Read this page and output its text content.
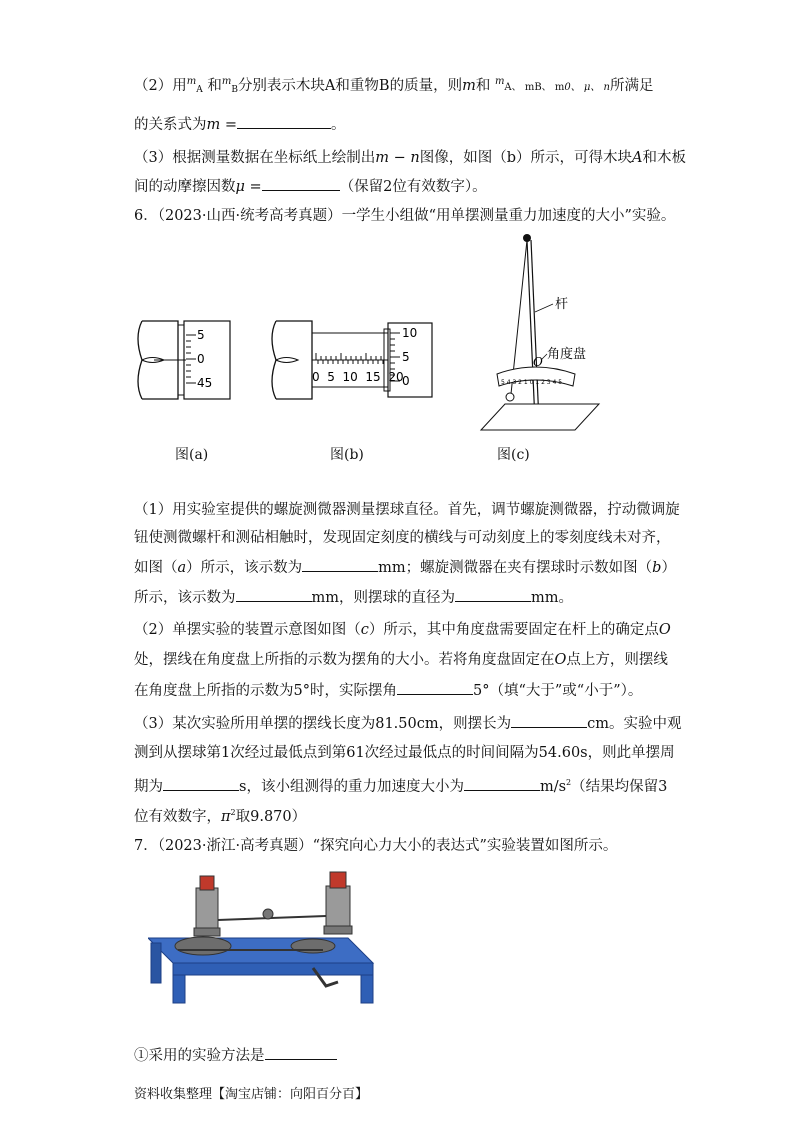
（2）用$^m_A$ 和$^m_B$分别表示木块A和重物B的质量，则m和 $^m$A、 mB、 m0、 μ、 n所满足
的关系式为m =	。
（3）根据测量数据在坐标纸上绘制出m − n图像，如图（b）所示，可得木块A和木板
间的动摩擦因数μ =	（保留2位有效数字）。
6．（2023·山西·统考高考真题）一学生小组做“用单摆测量重力加速度的大小”实验。
5
0
45
图(a)
0  5  10  15  20
10
5
0
图(b)
5 4 3 2 1 0 1 2 3 4 5
杆
O 角度盘
图(c)
（1）用实验室提供的螺旋测微器测量摆球直径。首先，调节螺旋测微器，拧动微调旋
钮使测微螺杆和测砧相触时，发现固定刻度的横线与可动刻度上的零刻度线未对齐，
如图（a）所示，该示数为	mm；螺旋测微器在夹有摆球时示数如图（b）
所示，该示数为	mm，则摆球的直径为	mm。
（2）单摆实验的装置示意图如图（c）所示，其中角度盘需要固定在杆上的确定点O
处，摆线在角度盘上所指的示数为摆角的大小。若将角度盘固定在O点上方，则摆线
在角度盘上所指的示数为5°时，实际摆角	5°（填“大于”或“小于”）。
（3）某次实验所用单摆的摆线长度为81.50cm，则摆长为	cm。实验中观
测到从摆球第1次经过最低点到第61次经过最低点的时间间隔为54.60s，则此单摆周
期为	s，该小组测得的重力加速度大小为	$m/s^2$（结果均保留3
位有效数字，$\pi^2$取9.870）
7．（2023·浙江·高考真题）“探究向心力大小的表达式”实验装置如图所示。
①采用的实验方法是
资料收集整理【淘宝店铺：向阳百分百】
